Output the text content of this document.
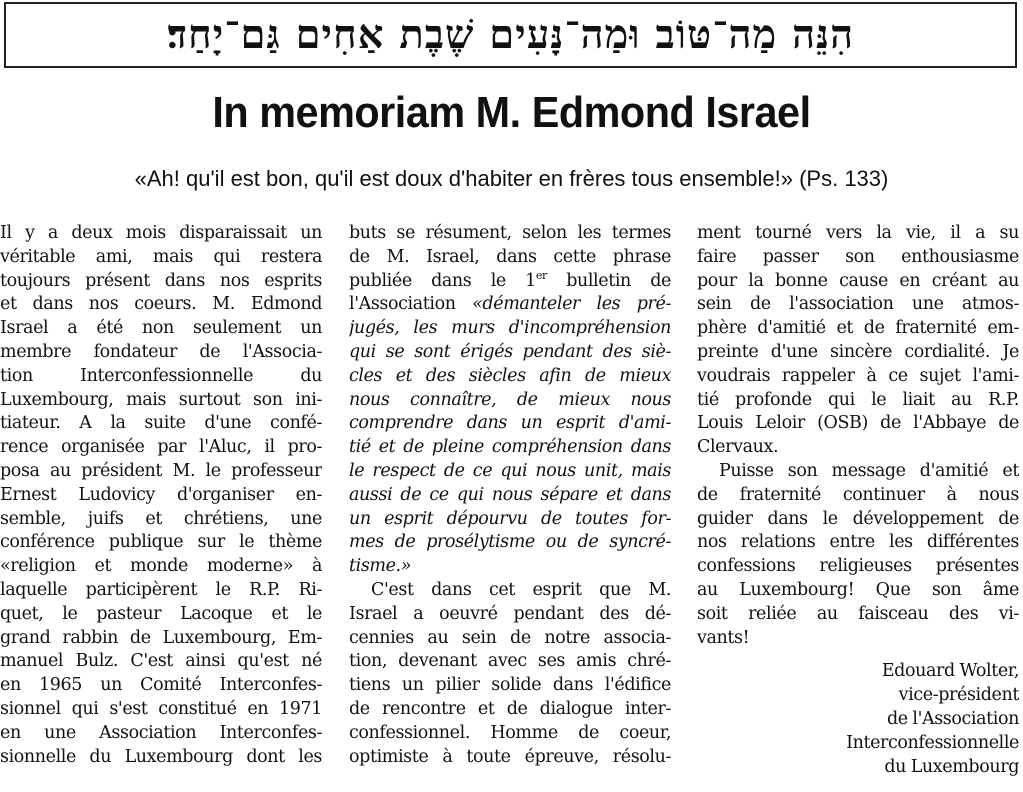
הִנֵּה מַה־טּוֹב וּמַה־נָּעִים שֶׁבֶת אַחִים גַּם־יָחַד׃
In memoriam M. Edmond Israel
«Ah! qu'il est bon, qu'il est doux d'habiter en frères tous ensemble!» (Ps. 133)
Il y a deux mois disparaissait un
véritable ami, mais qui restera
toujours présent dans nos esprits
et dans nos coeurs. M. Edmond
Israel a été non seulement un
membre fondateur de l'Associa-
tion Interconfessionnelle du
Luxembourg, mais surtout son ini-
tiateur. A la suite d'une confé-
rence organisée par l'Aluc, il pro-
posa au président M. le professeur
Ernest Ludovicy d'organiser en-
semble, juifs et chrétiens, une
conférence publique sur le thème
«religion et monde moderne» à
laquelle participèrent le R.P. Ri-
quet, le pasteur Lacoque et le
grand rabbin de Luxembourg, Em-
manuel Bulz. C'est ainsi qu'est né
en 1965 un Comité Interconfes-
sionnel qui s'est constitué en 1971
en une Association Interconfes-
sionnelle du Luxembourg dont les
buts se résument, selon les termes
de M. Israel, dans cette phrase
publiée dans le 1er bulletin de
l'Association «démanteler les pré-
jugés, les murs d'incompréhension
qui se sont érigés pendant des siè-
cles et des siècles afin de mieux
nous connaître, de mieux nous
comprendre dans un esprit d'ami-
tié et de pleine compréhension dans
le respect de ce qui nous unit, mais
aussi de ce qui nous sépare et dans
un esprit dépourvu de toutes for-
mes de prosélytisme ou de syncré-
tisme.»
C'est dans cet esprit que M.
Israel a oeuvré pendant des dé-
cennies au sein de notre associa-
tion, devenant avec ses amis chré-
tiens un pilier solide dans l'édifice
de rencontre et de dialogue inter-
confessionnel. Homme de coeur,
optimiste à toute épreuve, résolu-
ment tourné vers la vie, il a su
faire passer son enthousiasme
pour la bonne cause en créant au
sein de l'association une atmos-
phère d'amitié et de fraternité em-
preinte d'une sincère cordialité. Je
voudrais rappeler à ce sujet l'ami-
tié profonde qui le liait au R.P.
Louis Leloir (OSB) de l'Abbaye de
Clervaux.
Puisse son message d'amitié et
de fraternité continuer à nous
guider dans le développement de
nos relations entre les différentes
confessions religieuses présentes
au Luxembourg! Que son âme
soit reliée au faisceau des vi-
vants!
Edouard Wolter,
vice-président
de l'Association
Interconfessionnelle
du Luxembourg
